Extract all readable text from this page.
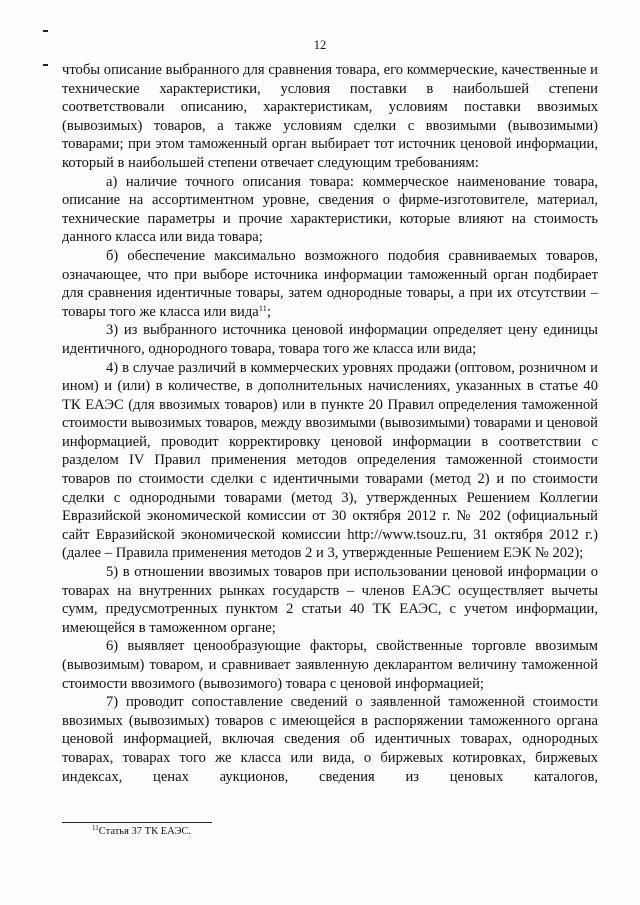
12

чтобы описание выбранного для сравнения товара, его коммерческие, качественные и технические характеристики, условия поставки в наибольшей степени соответствовали описанию, характеристикам, условиям поставки ввозимых (вывозимых) товаров, а также условиям сделки с ввозимыми (вывозимыми) товарами; при этом таможенный орган выбирает тот источник ценовой информации, который в наибольшей степени отвечает следующим требованиям:

а) наличие точного описания товара: коммерческое наименование товара, описание на ассортиментном уровне, сведения о фирме-изготовителе, материал, технические параметры и прочие характеристики, которые влияют на стоимость данного класса или вида товара;

б) обеспечение максимально возможного подобия сравниваемых товаров, означающее, что при выборе источника информации таможенный орган подбирает для сравнения идентичные товары, затем однородные товары, а при их отсутствии – товары того же класса или вида$^{11}$;

3) из выбранного источника ценовой информации определяет цену единицы идентичного, однородного товара, товара того же класса или вида;

4) в случае различий в коммерческих уровнях продажи (оптовом, розничном и ином) и (или) в количестве, в дополнительных начислениях, указанных в статье 40 ТК ЕАЭС (для ввозимых товаров) или в пункте 20 Правил определения таможенной стоимости вывозимых товаров, между ввозимыми (вывозимыми) товарами и ценовой информацией, проводит корректировку ценовой информации в соответствии с разделом IV Правил применения методов определения таможенной стоимости товаров по стоимости сделки с идентичными товарами (метод 2) и по стоимости сделки с однородными товарами (метод 3), утвержденных Решением Коллегии Евразийской экономической комиссии от 30 октября 2012 г. № 202 (официальный сайт Евразийской экономической комиссии http://www.tsouz.ru, 31 октября 2012 г.) (далее – Правила применения методов 2 и 3, утвержденные Решением ЕЭК № 202);

5) в отношении ввозимых товаров при использовании ценовой информации о товарах на внутренних рынках государств – членов ЕАЭС осуществляет вычеты сумм, предусмотренных пунктом 2 статьи 40 ТК ЕАЭС, с учетом информации, имеющейся в таможенном органе;

6) выявляет ценообразующие факторы, свойственные торговле ввозимым (вывозимым) товаром, и сравнивает заявленную декларантом величину таможенной стоимости ввозимого (вывозимого) товара с ценовой информацией;

7) проводит сопоставление сведений о заявленной таможенной стоимости ввозимых (вывозимых) товаров с имеющейся в распоряжении таможенного органа ценовой информацией, включая сведения об идентичных товарах, однородных товарах, товарах того же класса или вида, о биржевых котировках, биржевых индексах, ценах аукционов, сведения из ценовых каталогов,

$^{11}$Статья 37 ТК ЕАЭС.
